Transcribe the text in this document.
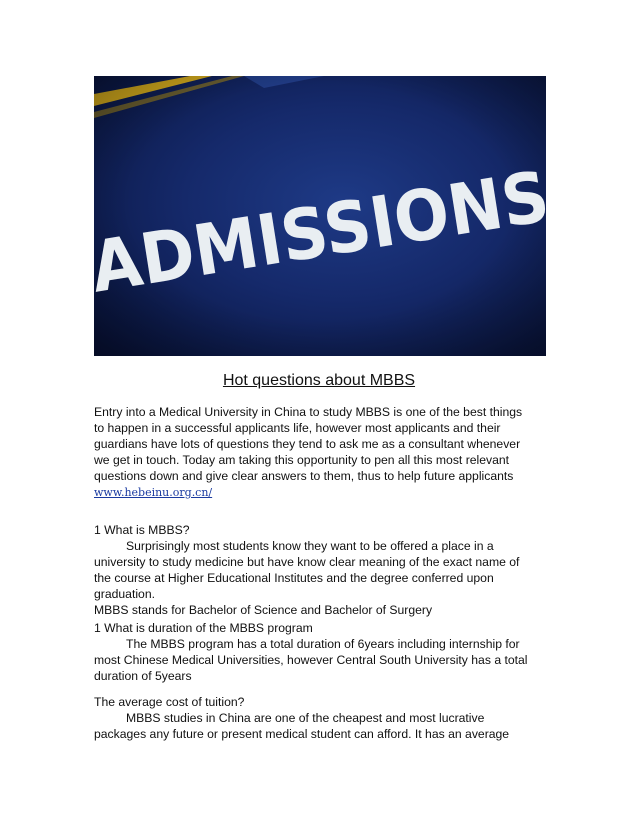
ADMISSIONS
Hot questions about MBBS
Entry into a Medical University in China to study MBBS is one of the best things
to happen in a successful applicants life, however most applicants and their
guardians have lots of questions they tend to ask me as a consultant whenever
we get in touch. Today am taking this opportunity to pen all this most relevant
questions down and give clear answers to them, thus to help future applicants
www.hebeinu.org.cn/
1 What is MBBS?
Surprisingly most students know they want to be offered a place in a
university to study medicine but have know clear meaning of the exact name of
the course at Higher Educational Institutes and the degree conferred upon
graduation.
MBBS stands for Bachelor of Science and Bachelor of Surgery
1 What is duration of the MBBS program
The MBBS program has a total duration of 6years including internship for
most Chinese Medical Universities, however Central South University has a total
duration of 5years
The average cost of tuition?
MBBS studies in China are one of the cheapest and most lucrative
packages any future or present medical student can afford. It has an average
